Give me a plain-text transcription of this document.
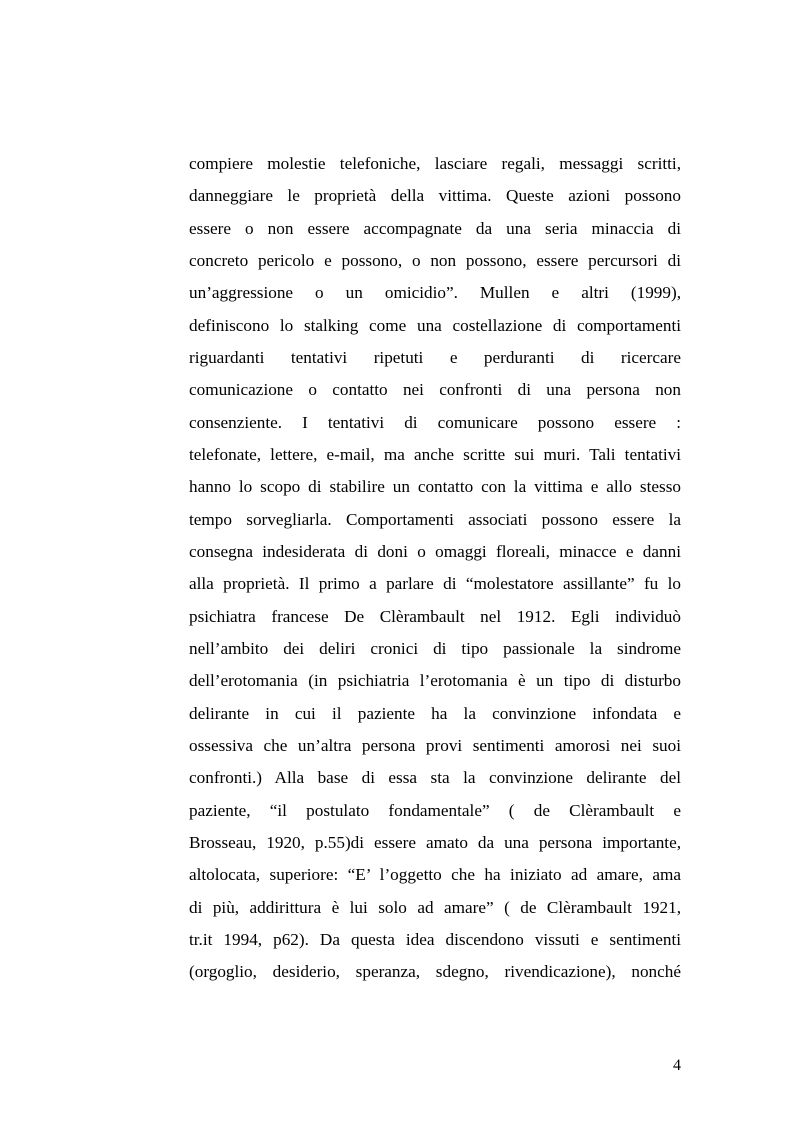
compiere molestie telefoniche, lasciare regali, messaggi scritti,
danneggiare le proprietà della vittima. Queste azioni possono
essere o non essere accompagnate da una seria minaccia di
concreto pericolo e possono, o non possono, essere percursori di
un’aggressione o un omicidio”. Mullen e altri (1999),
definiscono lo stalking come una costellazione di comportamenti
riguardanti tentativi ripetuti e perduranti di ricercare
comunicazione o contatto nei confronti di una persona non
consenziente. I tentativi di comunicare possono essere :
telefonate, lettere, e-mail, ma anche scritte sui muri. Tali tentativi
hanno lo scopo di stabilire un contatto con la vittima e allo stesso
tempo sorvegliarla. Comportamenti associati possono essere la
consegna indesiderata di doni o omaggi floreali, minacce e danni
alla proprietà. Il primo a parlare di “molestatore assillante” fu lo
psichiatra francese De Clèrambault nel 1912. Egli individuò
nell’ambito dei deliri cronici di tipo passionale la sindrome
dell’erotomania (in psichiatria l’erotomania è un tipo di disturbo
delirante in cui il paziente ha la convinzione infondata e
ossessiva che un’altra persona provi sentimenti amorosi nei suoi
confronti.) Alla base di essa sta la convinzione delirante del
paziente, “il postulato fondamentale” ( de Clèrambault e
Brosseau, 1920, p.55)di essere amato da una persona importante,
altolocata, superiore: “E’ l’oggetto che ha iniziato ad amare, ama
di più, addirittura è lui solo ad amare” ( de Clèrambault 1921,
tr.it 1994, p62). Da questa idea discendono vissuti e sentimenti
(orgoglio, desiderio, speranza, sdegno, rivendicazione), nonché
4
